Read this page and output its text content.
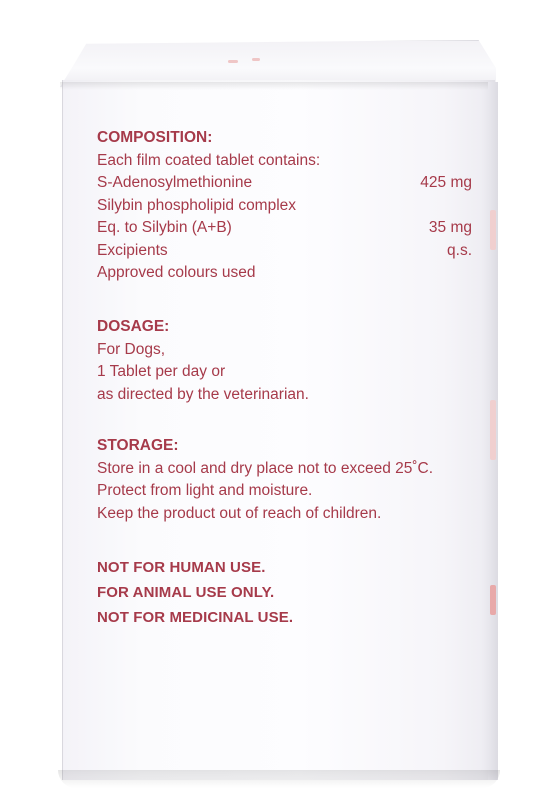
COMPOSITION:
Each film coated tablet contains:
S-Adenosylmethionine	425 mg
Silybin phospholipid complex
Eq. to Silybin (A+B)	35 mg
Excipients	q.s.
Approved colours used
DOSAGE:
For Dogs,
1 Tablet per day or
as directed by the veterinarian.
STORAGE:
Store in a cool and dry place not to exceed 25˚C.
Protect from light and moisture.
Keep the product out of reach of children.
NOT FOR HUMAN USE.
FOR ANIMAL USE ONLY.
NOT FOR MEDICINAL USE.
